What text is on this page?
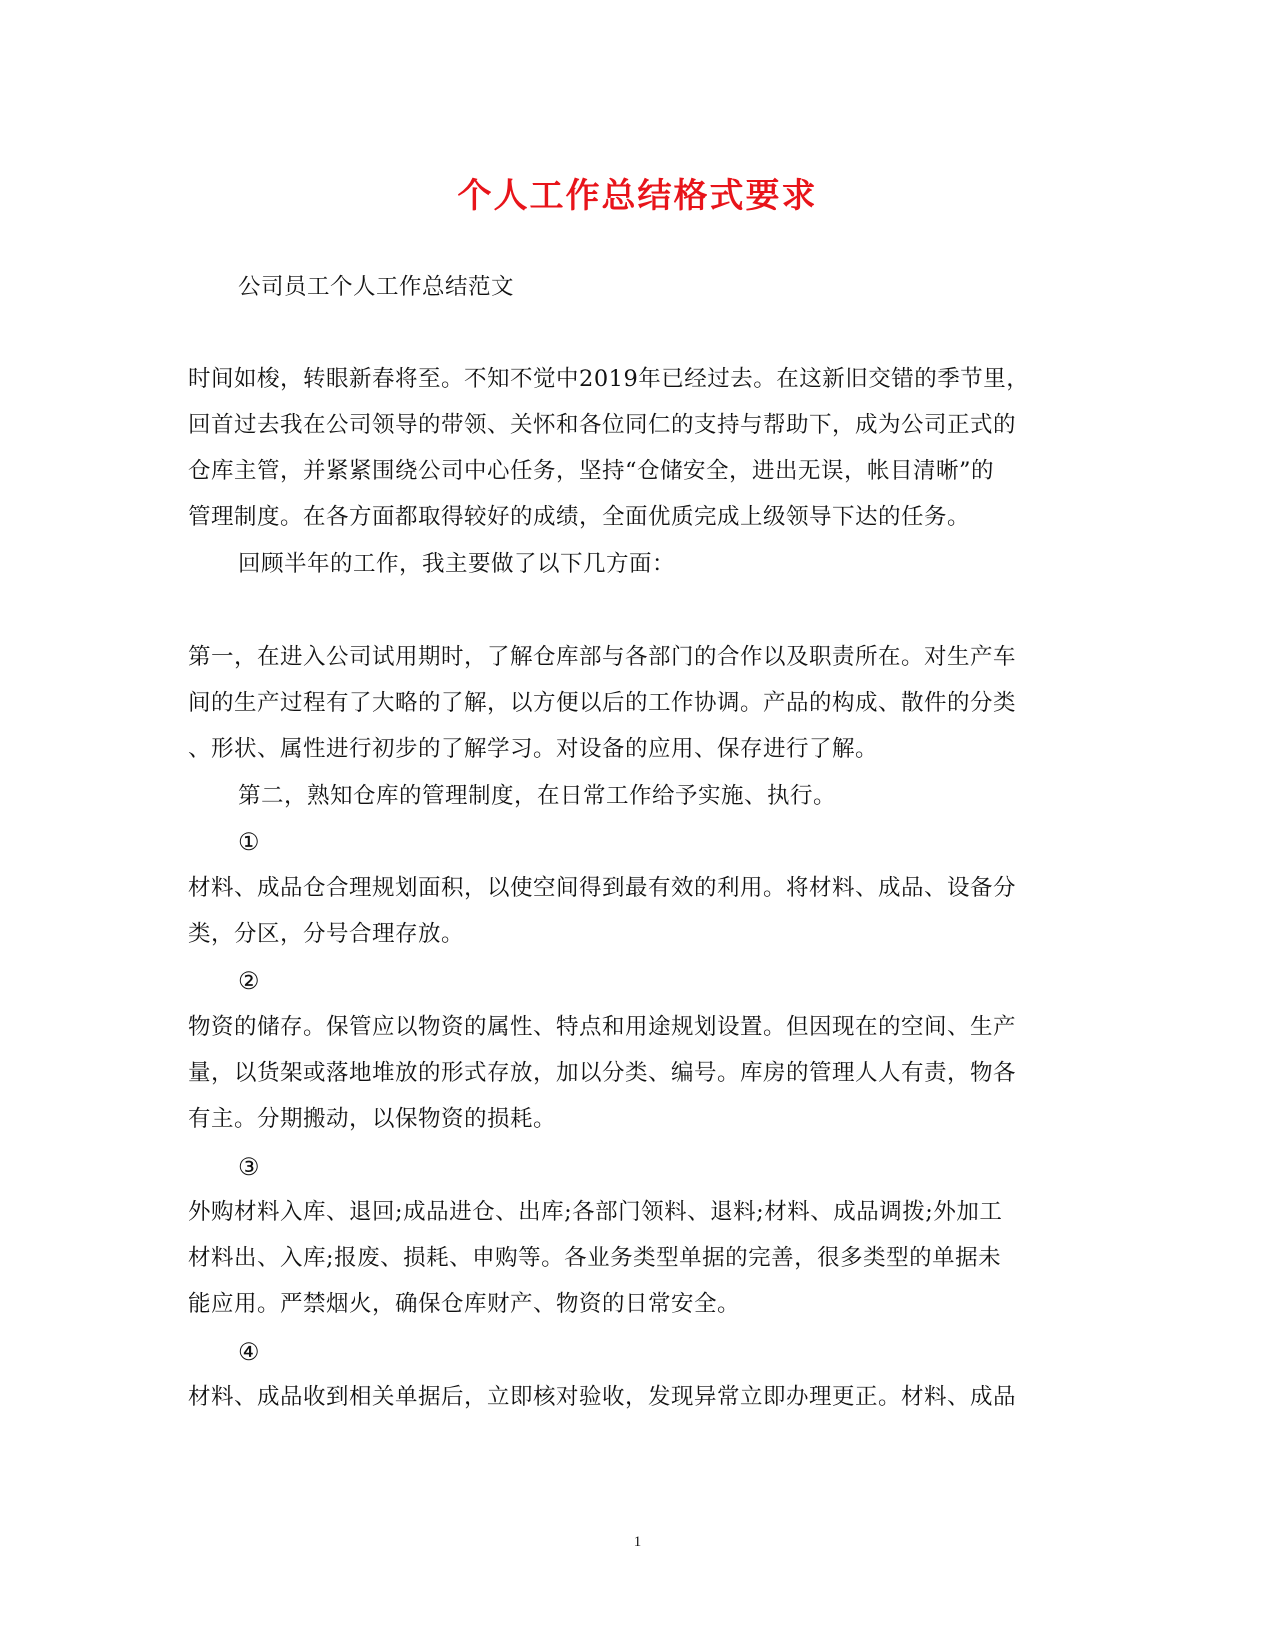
个人工作总结格式要求
公司员工个人工作总结范文
时间如梭，转眼新春将至。不知不觉中2019年已经过去。在这新旧交错的季节里，
回首过去我在公司领导的带领、关怀和各位同仁的支持与帮助下，成为公司正式的
仓库主管，并紧紧围绕公司中心任务，坚持“仓储安全，进出无误，帐目清晰”的
管理制度。在各方面都取得较好的成绩，全面优质完成上级领导下达的任务。
回顾半年的工作，我主要做了以下几方面：
第一，在进入公司试用期时，了解仓库部与各部门的合作以及职责所在。对生产车
间的生产过程有了大略的了解，以方便以后的工作协调。产品的构成、散件的分类
、形状、属性进行初步的了解学习。对设备的应用、保存进行了解。
第二，熟知仓库的管理制度，在日常工作给予实施、执行。
①
材料、成品仓合理规划面积，以使空间得到最有效的利用。将材料、成品、设备分
类，分区，分号合理存放。
②
物资的储存。保管应以物资的属性、特点和用途规划设置。但因现在的空间、生产
量，以货架或落地堆放的形式存放，加以分类、编号。库房的管理人人有责，物各
有主。分期搬动，以保物资的损耗。
③
外购材料入库、退回;成品进仓、出库;各部门领料、退料;材料、成品调拨;外加工
材料出、入库;报废、损耗、申购等。各业务类型单据的完善，很多类型的单据未
能应用。严禁烟火，确保仓库财产、物资的日常安全。
④
材料、成品收到相关单据后，立即核对验收，发现异常立即办理更正。材料、成品
1
